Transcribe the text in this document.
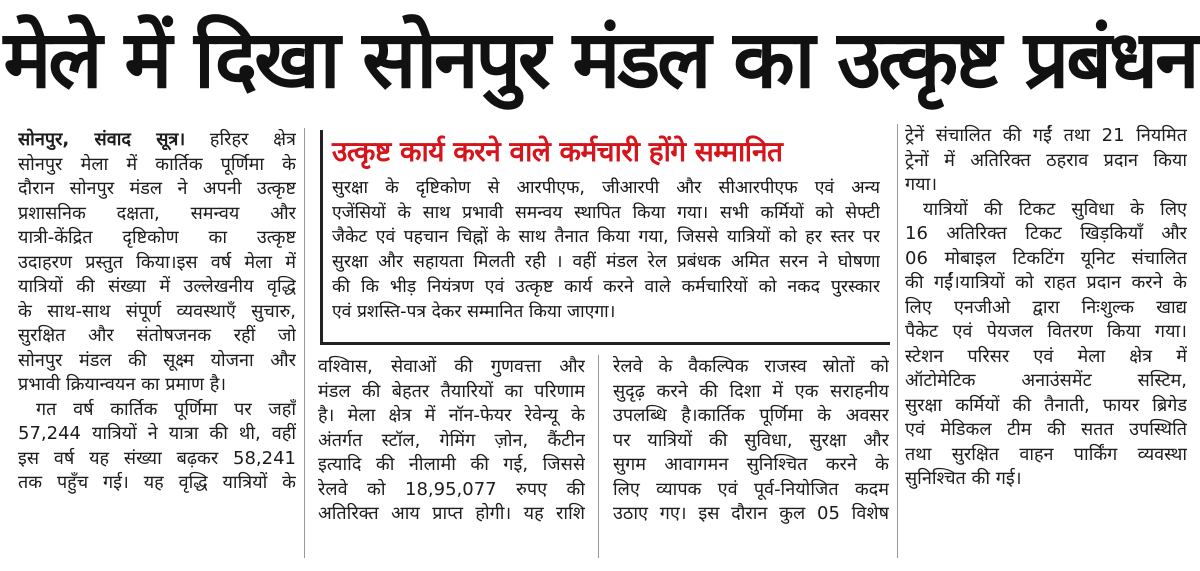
मेले में दिखा सोनपुर मंडल का उत्कृष्ट प्रबंधन
सोनपुर, संवाद सूत्र। हरिहर क्षेत्र
सोनपुर मेला में कार्तिक पूर्णिमा के
दौरान सोनपुर मंडल ने अपनी उत्कृष्ट
प्रशासनिक दक्षता, समन्वय और
यात्री-केंद्रित दृष्टिकोण का उत्कृष्ट
उदाहरण प्रस्तुत किया।इस वर्ष मेला में
यात्रियों की संख्या में उल्लेखनीय वृद्धि
के साथ-साथ संपूर्ण व्यवस्थाएँ सुचारु,
सुरक्षित और संतोषजनक रहीं जो
सोनपुर मंडल की सूक्ष्म योजना और
प्रभावी क्रियान्वयन का प्रमाण है।
गत वर्ष कार्तिक पूर्णिमा पर जहाँ
57,244 यात्रियों ने यात्रा की थी, वहीं
इस वर्ष यह संख्या बढ़कर 58,241
तक पहुँच गई। यह वृद्धि यात्रियों के
उत्कृष्ट कार्य करने वाले कर्मचारी होंगे सम्मानित
सुरक्षा के दृष्टिकोण से आरपीएफ, जीआरपी और सीआरपीएफ एवं अन्य
एजेंसियों के साथ प्रभावी समन्वय स्थापित किया गया। सभी कर्मियों को सेफ्टी
जैकेट एवं पहचान चिह्नों के साथ तैनात किया गया, जिससे यात्रियों को हर स्तर पर
सुरक्षा और सहायता मिलती रही । वहीं मंडल रेल प्रबंधक अमित सरन ने घोषणा
की कि भीड़ नियंत्रण एवं उत्कृष्ट कार्य करने वाले कर्मचारियों को नकद पुरस्कार
एवं प्रशस्ति-पत्र देकर सम्मानित किया जाएगा।
वश्विास, सेवाओं की गुणवत्ता और
मंडल की बेहतर तैयारियों का परिणाम
है। मेला क्षेत्र में नॉन-फेयर रेवेन्यू के
अंतर्गत स्टॉल, गेमिंग ज़ोन, कैंटीन
इत्यादि की नीलामी की गई, जिससे
रेलवे को 18,95,077 रुपए की
अतिरिक्त आय प्राप्त होगी। यह राशि
रेलवे के वैकल्पिक राजस्व स्रोतों को
सुदृढ़ करने की दिशा में एक सराहनीय
उपलब्धि है।कार्तिक पूर्णिमा के अवसर
पर यात्रियों की सुविधा, सुरक्षा और
सुगम आवागमन सुनिश्चित करने के
लिए व्यापक एवं पूर्व-नियोजित कदम
उठाए गए। इस दौरान कुल 05 विशेष
ट्रेनें संचालित की गईं तथा 21 नियमित
ट्रेनों में अतिरिक्त ठहराव प्रदान किया
गया।
यात्रियों की टिकट सुविधा के लिए
16 अतिरिक्त टिकट खिड़कियाँ और
06 मोबाइल टिकटिंग यूनिट संचालित
की गईं।यात्रियों को राहत प्रदान करने के
लिए एनजीओ द्वारा निःशुल्क खाद्य
पैकेट एवं पेयजल वितरण किया गया।
स्टेशन परिसर एवं मेला क्षेत्र में
ऑटोमेटिक अनाउंसमेंट सस्टिम,
सुरक्षा कर्मियों की तैनाती, फायर ब्रिगेड
एवं मेडिकल टीम की सतत उपस्थिति
तथा सुरक्षित वाहन पार्किंग व्यवस्था
सुनिश्चित की गई।
